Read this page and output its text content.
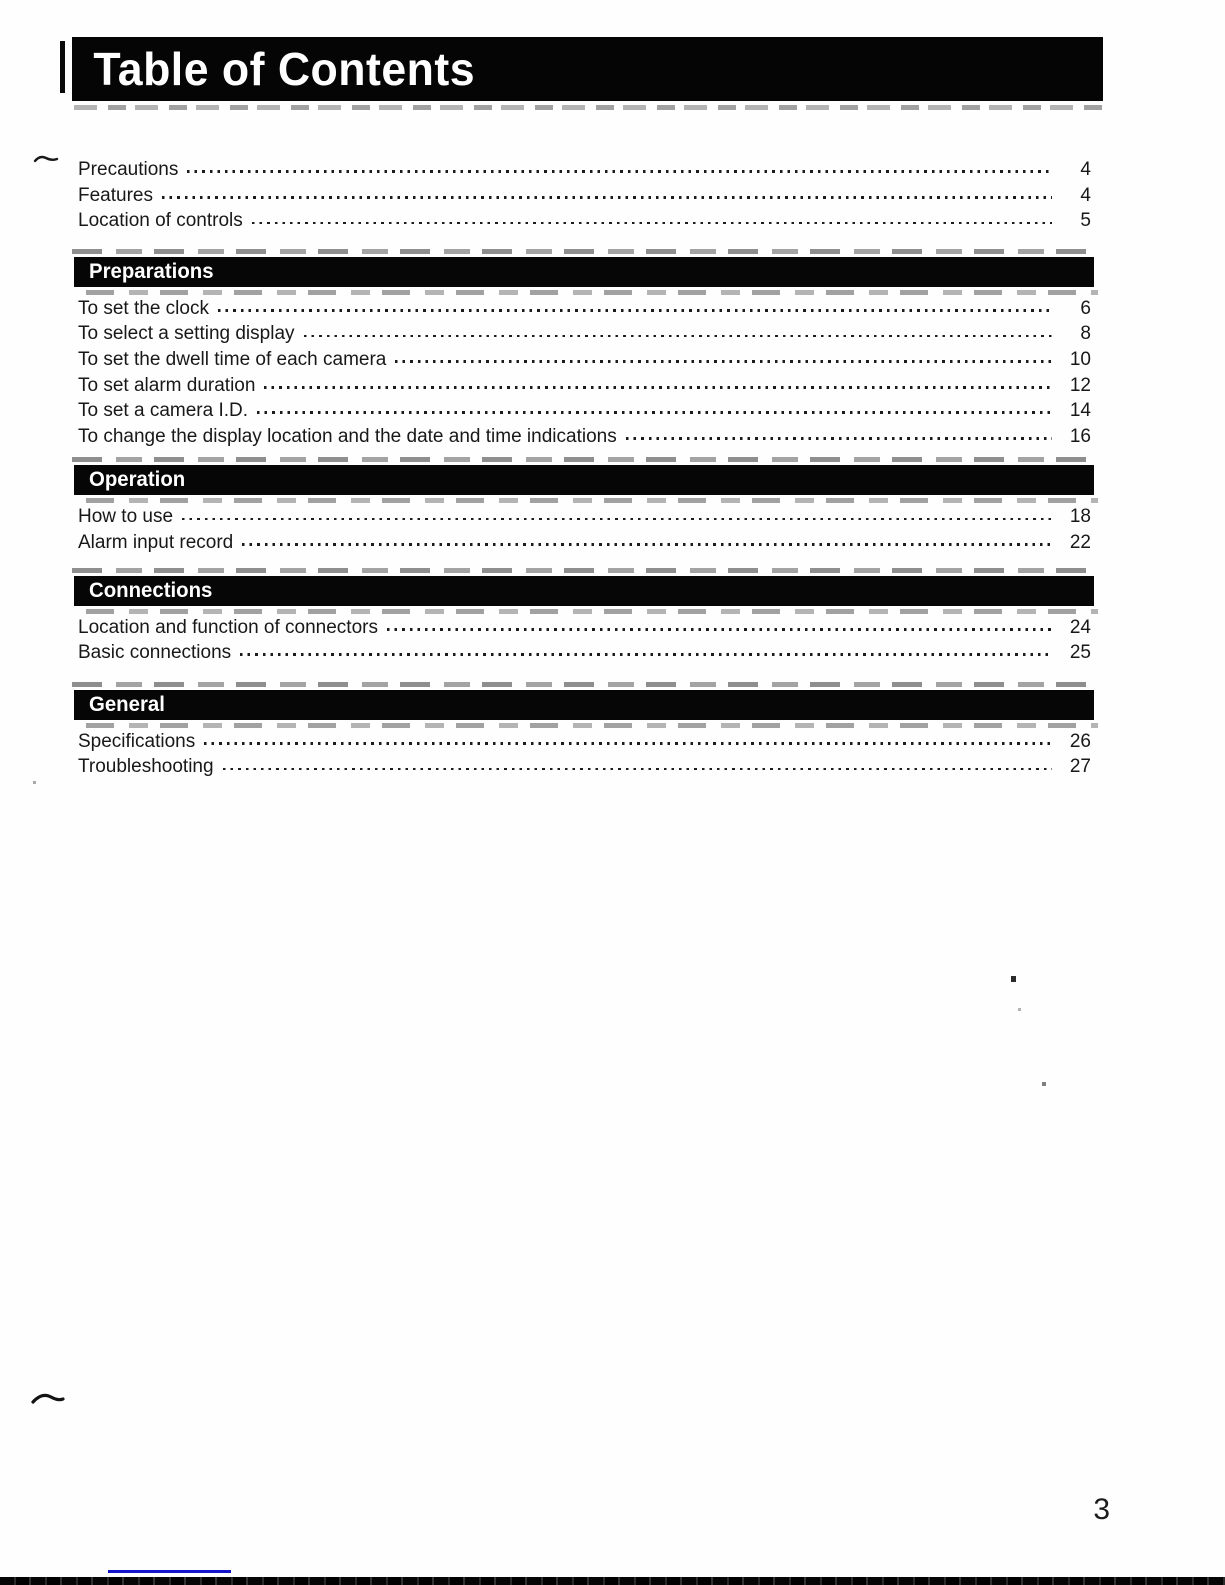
Table of Contents
Precautions	4
Features	4
Location of controls	5
Preparations
To set the clock	6
To select a setting display	8
To set the dwell time of each camera	10
To set alarm duration	12
To set a camera I.D.	14
To change the display location and the date and time indications	16
Operation
How to use	18
Alarm input record	22
Connections
Location and function of connectors	24
Basic connections	25
General
Specifications	26
Troubleshooting	27
3
